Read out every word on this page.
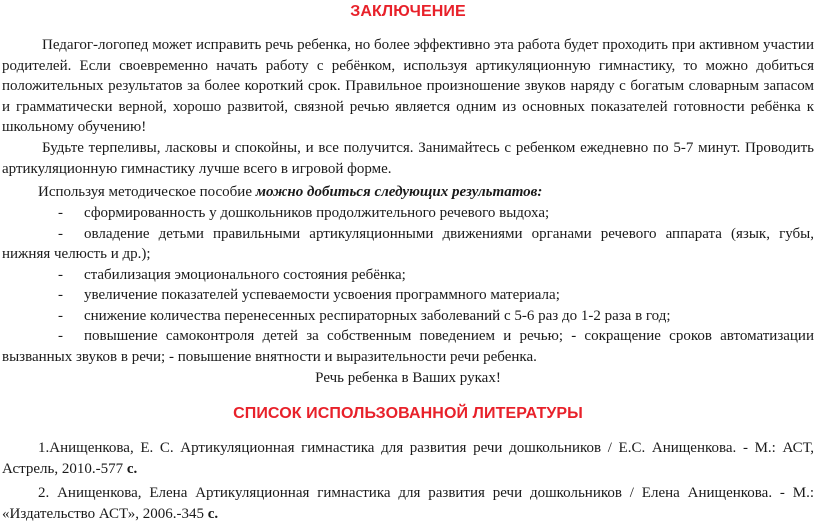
ЗАКЛЮЧЕНИЕ

Педагог-логопед может исправить речь ребенка, но более эффективно эта работа будет проходить при активном участии родителей. Если своевременно начать работу с ребёнком, используя артикуляционную гимнастику, то можно добиться положительных результатов за более короткий срок. Правильное произношение звуков наряду с богатым словарным запасом и грамматически верной, хорошо развитой, связной речью является одним из основных показателей готовности ребёнка к школьному обучению!

Будьте терпеливы, ласковы и спокойны, и все получится. Занимайтесь с ребенком ежедневно по 5-7 минут. Проводить артикуляционную гимнастику лучше всего в игровой форме.

Используя методическое пособие можно добиться следующих результатов:

- сформированность у дошкольников продолжительного речевого выдоха;
- овладение детьми правильными артикуляционными движениями органами речевого аппарата (язык, губы, нижняя челюсть и др.);
- стабилизация эмоционального состояния ребёнка;
- увеличение показателей успеваемости усвоения программного материала;
- снижение количества перенесенных респираторных заболеваний с 5-6 раз до 1-2 раза в год;
- повышение самоконтроля детей за собственным поведением и речью; - сокращение сроков автоматизации вызванных звуков в речи; - повышение внятности и выразительности речи ребенка.

Речь ребенка в Ваших руках!

СПИСОК ИСПОЛЬЗОВАННОЙ ЛИТЕРАТУРЫ

1.Анищенкова, Е. С. Артикуляционная гимнастика для развития речи дошкольников / Е.С. Анищенкова. - М.: АСТ, Астрель, 2010.-577 с.

2. Анищенкова, Елена Артикуляционная гимнастика для развития речи дошкольников / Елена Анищенкова. - М.: «Издательство АСТ», 2006.-345 с.
